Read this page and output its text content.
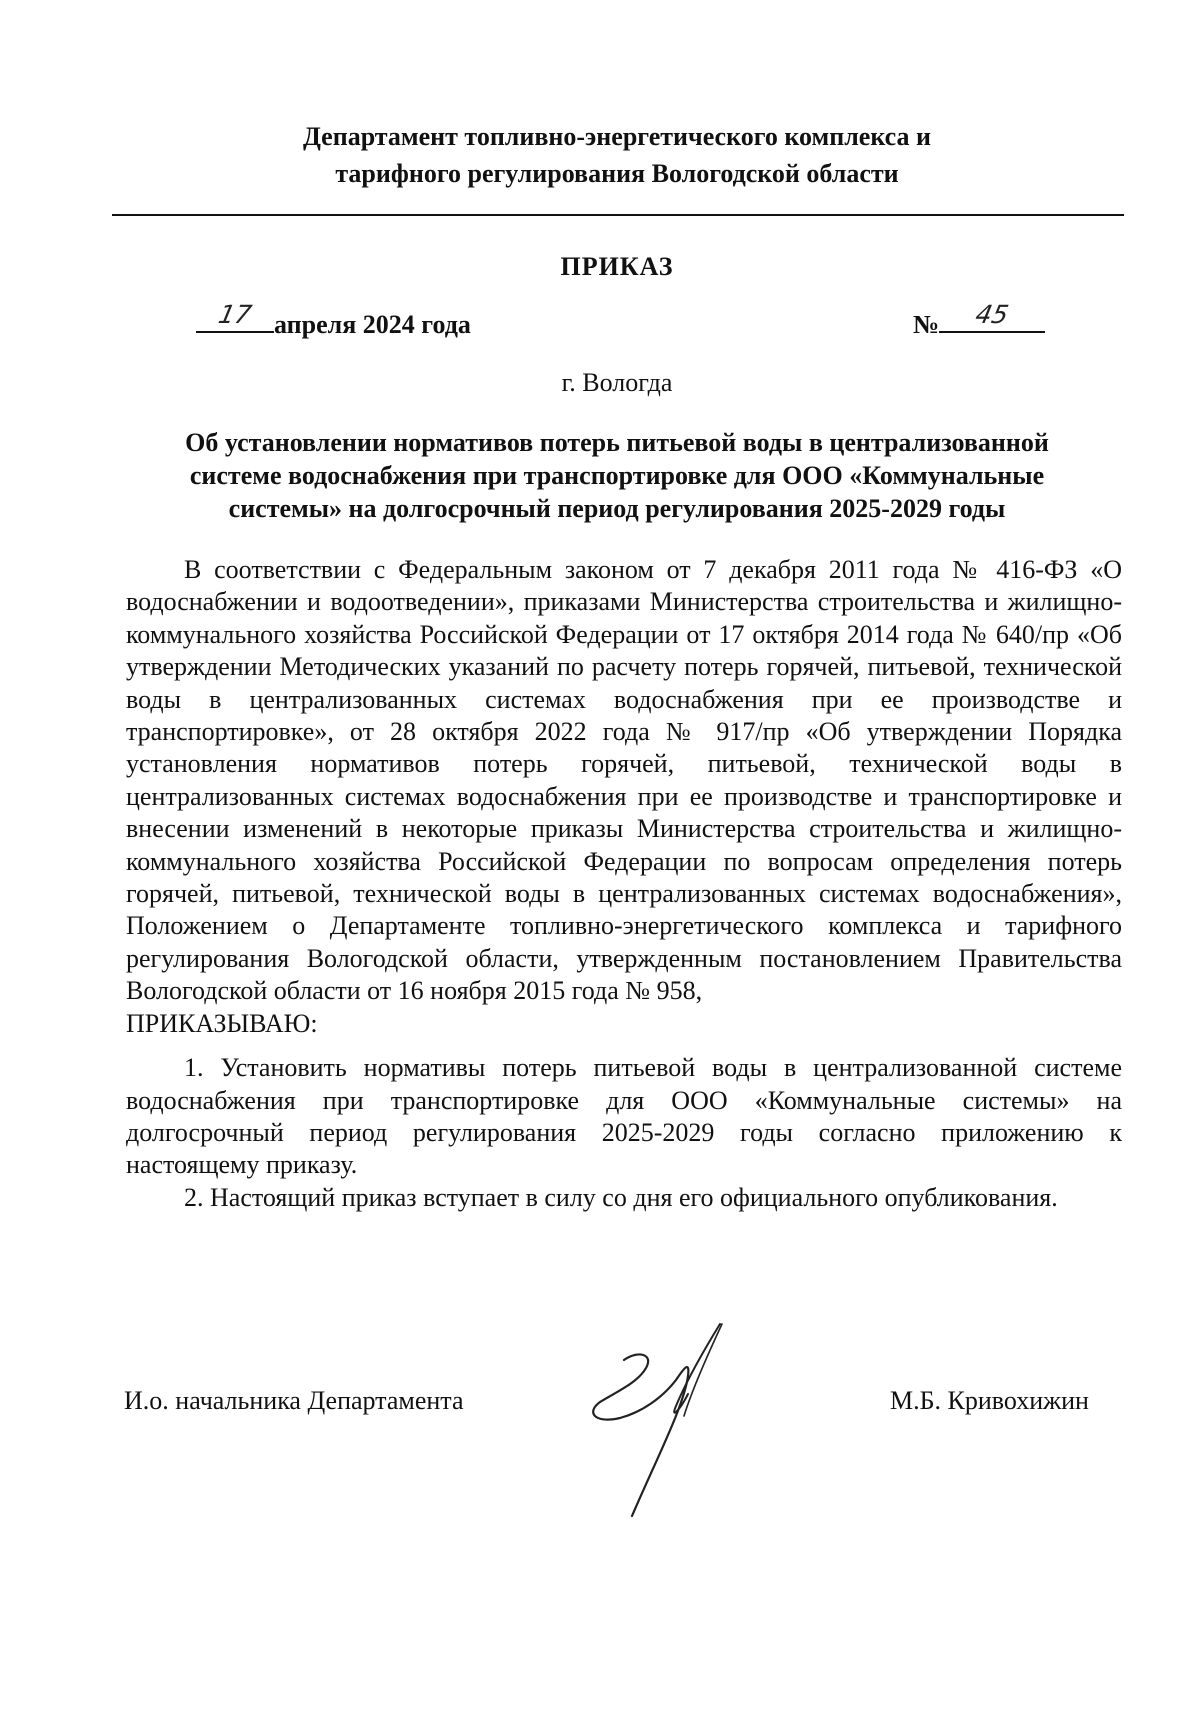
Департамент топливно-энергетического комплекса и
тарифного регулирования Вологодской области
ПРИКАЗ
17 апреля 2024 года	№	45
г. Вологда
Об установлении нормативов потерь питьевой воды в централизованной
системе водоснабжения при транспортировке для ООО «Коммунальные
системы» на долгосрочный период регулирования 2025-2029 годы

В соответствии с Федеральным законом от 7 декабря 2011 года № 416-ФЗ «О водоснабжении и водоотведении», приказами Министерства строительства и жилищно-коммунального хозяйства Российской Федерации от 17 октября 2014 года № 640/пр «Об утверждении Методических указаний по расчету потерь горячей, питьевой, технической воды в централизованных системах водоснабжения при ее производстве и транспортировке», от 28 октября 2022 года № 917/пр «Об утверждении Порядка установления нормативов потерь горячей, питьевой, технической воды в централизованных системах водоснабжения при ее производстве и транспортировке и внесении изменений в некоторые приказы Министерства строительства и жилищно-коммунального хозяйства Российской Федерации по вопросам определения потерь горячей, питьевой, технической воды в централизованных системах водоснабжения», Положением о Департаменте топливно-энергетического комплекса и тарифного регулирования Вологодской области, утвержденным постановлением Правительства Вологодской области от 16 ноября 2015 года № 958,

ПРИКАЗЫВАЮ:

1. Установить нормативы потерь питьевой воды в централизованной системе водоснабжения при транспортировке для ООО «Коммунальные системы» на долгосрочный период регулирования 2025-2029 годы согласно приложению к настоящему приказу.

2. Настоящий приказ вступает в силу со дня его официального опубликования.

И.о. начальника Департамента	М.Б. Кривохижин
